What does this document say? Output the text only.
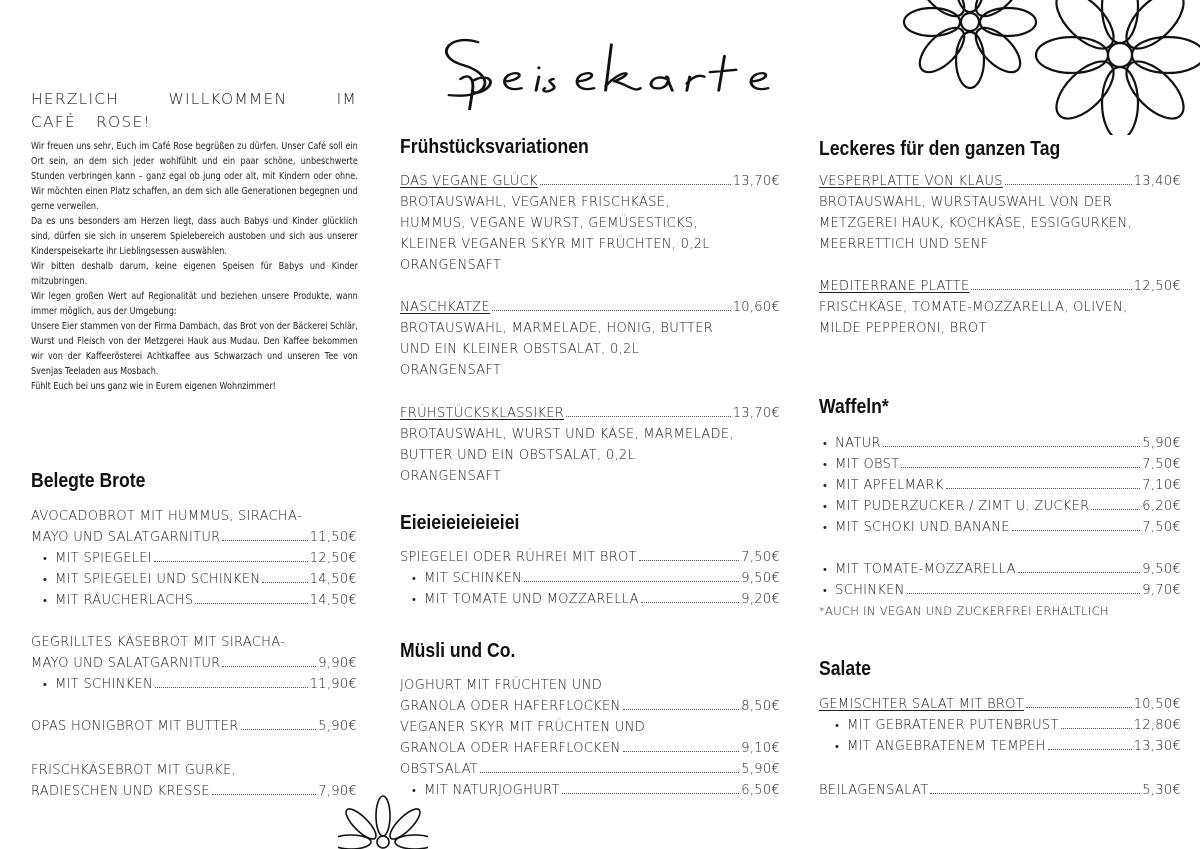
HERZLICH WILLKOMMEN IM CAFÉ ROSE!

Wir freuen uns sehr, Euch im Café Rose begrüßen zu dürfen. Unser Café soll ein Ort sein, an dem sich jeder wohlfühlt und ein paar schöne, unbeschwerte Stunden verbringen kann – ganz egal ob jung oder alt, mit Kindern oder ohne. Wir möchten einen Platz schaffen, an dem sich alle Generationen begegnen und gerne verweilen.

Da es uns besonders am Herzen liegt, dass auch Babys und Kinder glücklich sind, dürfen sie sich in unserem Spielebereich austoben und sich aus unserer Kinderspeisekarte ihr Lieblingsessen auswählen.

Wir bitten deshalb darum, keine eigenen Speisen für Babys und Kinder mitzubringen.

Wir legen großen Wert auf Regionalität und beziehen unsere Produkte, wann immer möglich, aus der Umgebung:

Unsere Eier stammen von der Firma Dambach, das Brot von der Bäckerei Schlär, Wurst und Fleisch von der Metzgerei Hauk aus Mudau. Den Kaffee bekommen wir von der Kaffeerösterei Achtkaffee aus Schwarzach und unseren Tee von Svenjas Teeladen aus Mosbach.

Fühlt Euch bei uns ganz wie in Eurem eigenen Wohnzimmer!

Belegte Brote
AVOCADOBROT MIT HUMMUS, SIRACHA-
MAYO UND SALATGARNITUR	11,50€
• MIT SPIEGELEI	12,50€
• MIT SPIEGELEI UND SCHINKEN	14,50€
• MIT RÄUCHERLACHS	14,50€
GEGRILLTES KÄSEBROT MIT SIRACHA-
MAYO UND SALATGARNITUR	9,90€
• MIT SCHINKEN	11,90€
OPAS HONIGBROT MIT BUTTER	5,90€
FRISCHKÄSEBROT MIT GURKE,
RADIESCHEN UND KRESSE	7,90€
Frühstücksvariationen
DAS VEGANE GLÜCK	13,70€
BROTAUSWAHL, VEGANER FRISCHKÄSE,
HUMMUS, VEGANE WURST, GEMÜSESTICKS,
KLEINER VEGANER SKYR MIT FRÜCHTEN, 0,2L
ORANGENSAFT
NASCHKATZE	10,60€
BROTAUSWAHL, MARMELADE, HONIG, BUTTER
UND EIN KLEINER OBSTSALAT, 0,2L
ORANGENSAFT
FRÜHSTÜCKSKLASSIKER	13,70€
BROTAUSWAHL, WURST UND KÄSE, MARMELADE,
BUTTER UND EIN OBSTSALAT, 0,2L
ORANGENSAFT
Eieieieieieieiei
SPIEGELEI ODER RÜHREI MIT BROT	7,50€
• MIT SCHINKEN	9,50€
• MIT TOMATE UND MOZZARELLA	9,20€
Müsli und Co.
JOGHURT MIT FRÜCHTEN UND
GRANOLA ODER HAFERFLOCKEN	8,50€
VEGANER SKYR MIT FRÜCHTEN UND
GRANOLA ODER HAFERFLOCKEN	9,10€
OBSTSALAT	5,90€
• MIT NATURJOGHURT	6,50€
Leckeres für den ganzen Tag
VESPERPLATTE VON KLAUS	13,40€
BROTAUSWAHL, WURSTAUSWAHL VON DER
METZGEREI HAUK, KOCHKÄSE, ESSIGGURKEN,
MEERRETTICH UND SENF
MEDITERRANE PLATTE	12,50€
FRISCHKÄSE, TOMATE-MOZZARELLA, OLIVEN,
MILDE PEPPERONI, BROT
Waffeln*
• NATUR	5,90€
• MIT OBST	7,50€
• MIT APFELMARK	7,10€
• MIT PUDERZUCKER / ZIMT U. ZUCKER	6,20€
• MIT SCHOKI UND BANANE	7,50€
• MIT TOMATE-MOZZARELLA	9,50€
• SCHINKEN	9,70€
*AUCH IN VEGAN UND ZUCKERFREI ERHÄLTLICH
Salate
GEMISCHTER SALAT MIT BROT	10,50€
• MIT GEBRATENER PUTENBRUST	12,80€
• MIT ANGEBRATENEM TEMPEH	13,30€
BEILAGENSALAT	5,30€
